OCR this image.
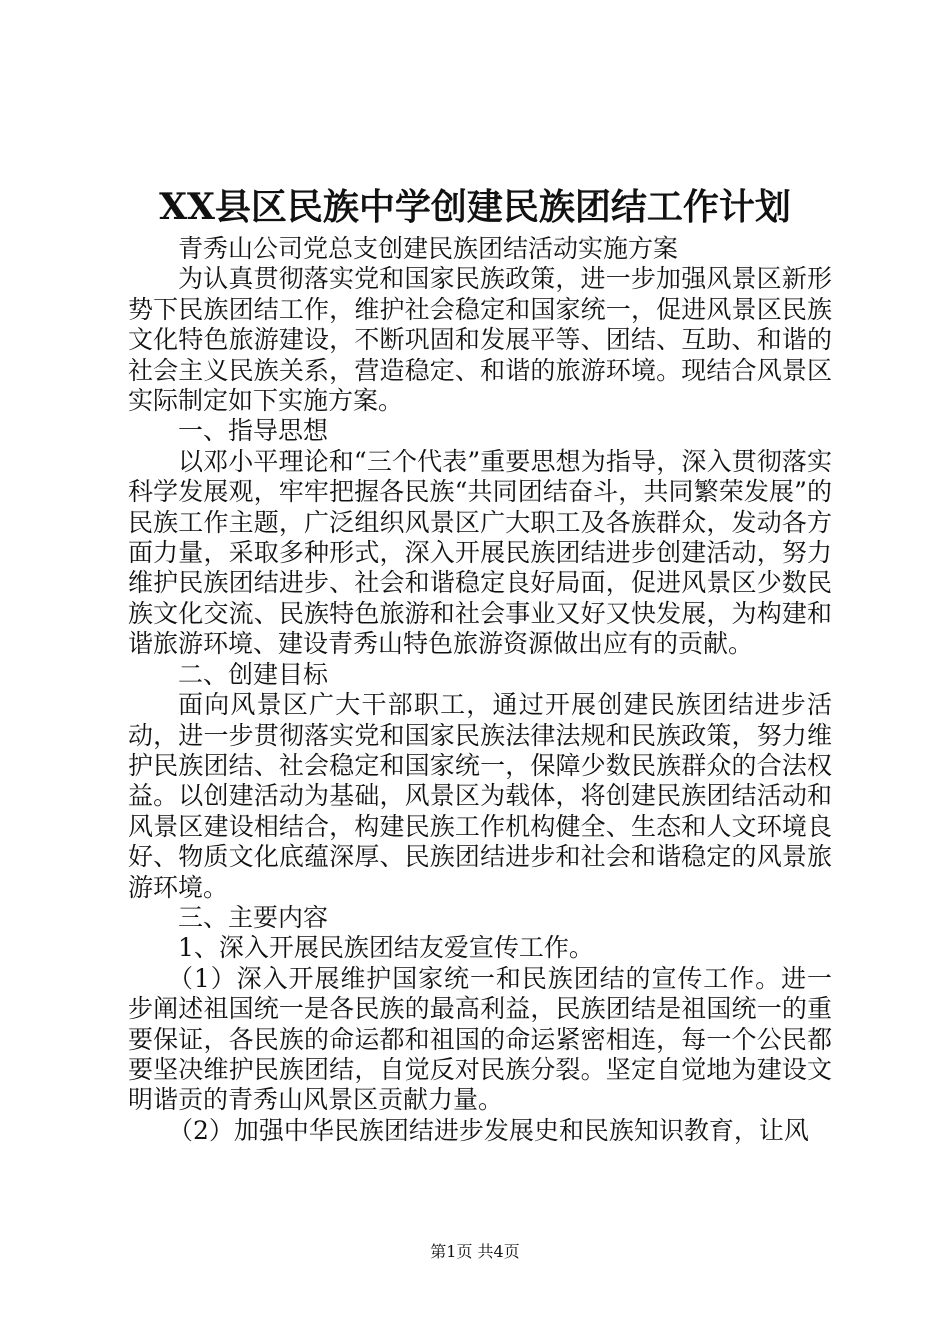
XX县区民族中学创建民族团结工作计划

青秀山公司党总支创建民族团结活动实施方案

为认真贯彻落实党和国家民族政策，进一步加强风景区新形势下民族团结工作，维护社会稳定和国家统一，促进风景区民族文化特色旅游建设，不断巩固和发展平等、团结、互助、和谐的社会主义民族关系，营造稳定、和谐的旅游环境。现结合风景区实际制定如下实施方案。

一、指导思想

以邓小平理论和“三个代表”重要思想为指导，深入贯彻落实科学发展观，牢牢把握各民族“共同团结奋斗，共同繁荣发展”的民族工作主题，广泛组织风景区广大职工及各族群众，发动各方面力量，采取多种形式，深入开展民族团结进步创建活动，努力维护民族团结进步、社会和谐稳定良好局面，促进风景区少数民族文化交流、民族特色旅游和社会事业又好又快发展，为构建和谐旅游环境、建设青秀山特色旅游资源做出应有的贡献。

二、创建目标

面向风景区广大干部职工，通过开展创建民族团结进步活动，进一步贯彻落实党和国家民族法律法规和民族政策，努力维护民族团结、社会稳定和国家统一，保障少数民族群众的合法权益。以创建活动为基础，风景区为载体，将创建民族团结活动和风景区建设相结合，构建民族工作机构健全、生态和人文环境良好、物质文化底蕴深厚、民族团结进步和社会和谐稳定的风景旅游环境。

三、主要内容

1、深入开展民族团结友爱宣传工作。

（1）深入开展维护国家统一和民族团结的宣传工作。进一步阐述祖国统一是各民族的最高利益，民族团结是祖国统一的重要保证，各民族的命运都和祖国的命运紧密相连，每一个公民都要坚决维护民族团结，自觉反对民族分裂。坚定自觉地为建设文明谐贡的青秀山风景区贡献力量。

（2）加强中华民族团结进步发展史和民族知识教育，让风

第1页 共4页
